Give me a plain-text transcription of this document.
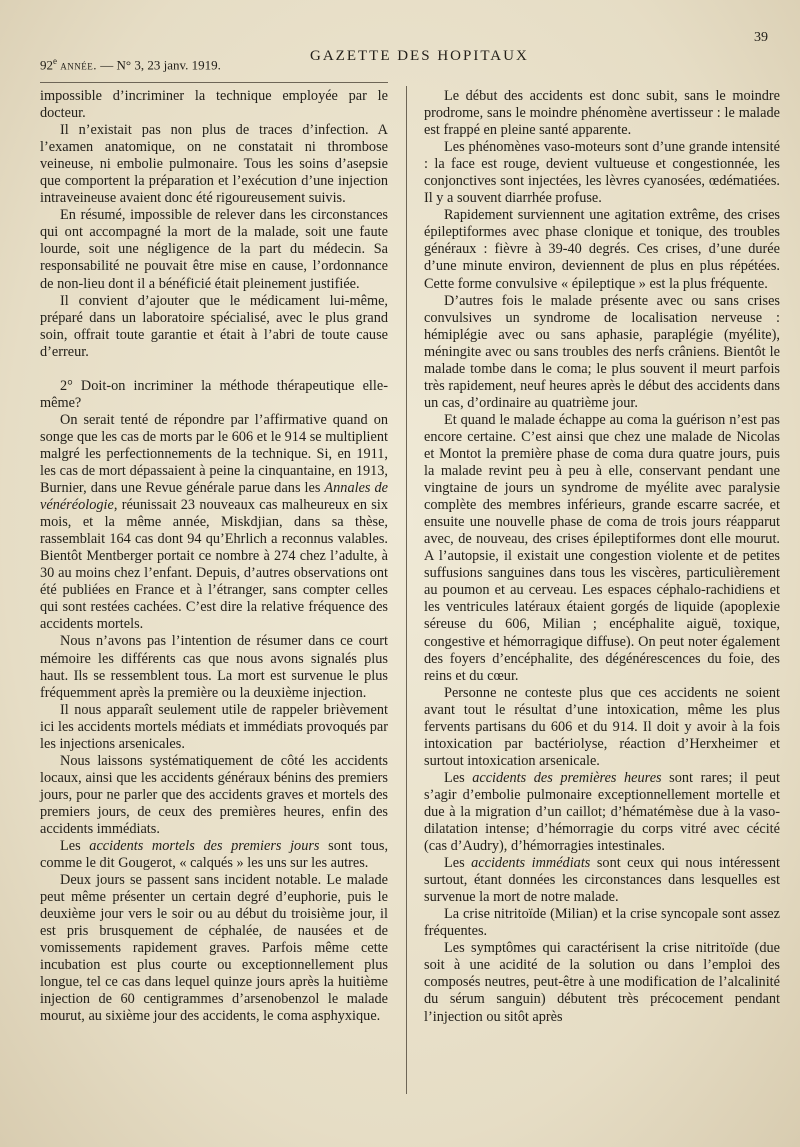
92e année. — N° 3, 23 janv. 1919.
GAZETTE DES HOPITAUX
39

impossible d’incriminer la technique employée par le docteur.

Il n’existait pas non plus de traces d’infection. A l’examen anatomique, on ne constatait ni thrombose veineuse, ni embolie pulmonaire. Tous les soins d’asepsie que comportent la préparation et l’exécution d’une injection intraveineuse avaient donc été rigoureusement suivis.

En résumé, impossible de relever dans les circonstances qui ont accompagné la mort de la malade, soit une faute lourde, soit une négligence de la part du médecin. Sa responsabilité ne pouvait être mise en cause, l’ordonnance de non-lieu dont il a bénéficié était pleinement justifiée.

Il convient d’ajouter que le médicament lui-même, préparé dans un laboratoire spécialisé, avec le plus grand soin, offrait toute garantie et était à l’abri de toute cause d’erreur.

2° Doit-on incriminer la méthode thérapeutique elle-même?

On serait tenté de répondre par l’affirmative quand on songe que les cas de morts par le 606 et le 914 se multiplient malgré les perfectionnements de la technique. Si, en 1911, les cas de mort dépassaient à peine la cinquantaine, en 1913, Burnier, dans une Revue générale parue dans les Annales de vénéréologie, réunissait 23 nouveaux cas malheureux en six mois, et la même année, Miskdjian, dans sa thèse, rassemblait 164 cas dont 94 qu’Ehrlich a reconnus valables. Bientôt Mentberger portait ce nombre à 274 chez l’adulte, à 30 au moins chez l’enfant. Depuis, d’autres observations ont été publiées en France et à l’étranger, sans compter celles qui sont restées cachées. C’est dire la relative fréquence des accidents mortels.

Nous n’avons pas l’intention de résumer dans ce court mémoire les différents cas que nous avons signalés plus haut. Ils se ressemblent tous. La mort est survenue le plus fréquemment après la première ou la deuxième injection.

Il nous apparaît seulement utile de rappeler brièvement ici les accidents mortels médiats et immédiats provoqués par les injections arsenicales.

Nous laissons systématiquement de côté les accidents locaux, ainsi que les accidents généraux bénins des premiers jours, pour ne parler que des accidents graves et mortels des premiers jours, de ceux des premières heures, enfin des accidents immédiats.

Les accidents mortels des premiers jours sont tous, comme le dit Gougerot, « calqués » les uns sur les autres.

Deux jours se passent sans incident notable. Le malade peut même présenter un certain degré d’euphorie, puis le deuxième jour vers le soir ou au début du troisième jour, il est pris brusquement de céphalée, de nausées et de vomissements rapidement graves. Parfois même cette incubation est plus courte ou exceptionnellement plus longue, tel ce cas dans lequel quinze jours après la huitième injection de 60 centigrammes d’arsenobenzol le malade mourut, au sixième jour des accidents, le coma asphyxique.

Le début des accidents est donc subit, sans le moindre prodrome, sans le moindre phénomène avertisseur : le malade est frappé en pleine santé apparente.

Les phénomènes vaso-moteurs sont d’une grande intensité : la face est rouge, devient vultueuse et congestionnée, les conjonctives sont injectées, les lèvres cyanosées, œdématiées. Il y a souvent diarrhée profuse.

Rapidement surviennent une agitation extrême, des crises épileptiformes avec phase clonique et tonique, des troubles généraux : fièvre à 39-40 degrés. Ces crises, d’une durée d’une minute environ, deviennent de plus en plus répétées. Cette forme convulsive « épileptique » est la plus fréquente.

D’autres fois le malade présente avec ou sans crises convulsives un syndrome de localisation nerveuse : hémiplégie avec ou sans aphasie, paraplégie (myélite), méningite avec ou sans troubles des nerfs crâniens. Bientôt le malade tombe dans le coma; le plus souvent il meurt parfois très rapidement, neuf heures après le début des accidents dans un cas, d’ordinaire au quatrième jour.

Et quand le malade échappe au coma la guérison n’est pas encore certaine. C’est ainsi que chez une malade de Nicolas et Montot la première phase de coma dura quatre jours, puis la malade revint peu à peu à elle, conservant pendant une vingtaine de jours un syndrome de myélite avec paralysie complète des membres inférieurs, grande escarre sacrée, et ensuite une nouvelle phase de coma de trois jours réapparut avec, de nouveau, des crises épileptiformes dont elle mourut. A l’autopsie, il existait une congestion violente et de petites suffusions sanguines dans tous les viscères, particulièrement au poumon et au cerveau. Les espaces céphalo-rachidiens et les ventricules latéraux étaient gorgés de liquide (apoplexie séreuse du 606, Milian ; encéphalite aiguë, toxique, congestive et hémorragique diffuse). On peut noter également des foyers d’encéphalite, des dégénérescences du foie, des reins et du cœur.

Personne ne conteste plus que ces accidents ne soient avant tout le résultat d’une intoxication, même les plus fervents partisans du 606 et du 914. Il doit y avoir à la fois intoxication par bactériolyse, réaction d’Herxheimer et surtout intoxication arsenicale.

Les accidents des premières heures sont rares; il peut s’agir d’embolie pulmonaire exceptionnellement mortelle et due à la migration d’un caillot; d’hématémèse due à la vaso-dilatation intense; d’hémorragie du corps vitré avec cécité (cas d’Audry), d’hémorragies intestinales.

Les accidents immédiats sont ceux qui nous intéressent surtout, étant données les circonstances dans lesquelles est survenue la mort de notre malade.

La crise nitritoïde (Milian) et la crise syncopale sont assez fréquentes.

Les symptômes qui caractérisent la crise nitritoïde (due soit à une acidité de la solution ou dans l’emploi des composés neutres, peut-être à une modification de l’alcalinité du sérum sanguin) débutent très précocement pendant l’injection ou sitôt après
